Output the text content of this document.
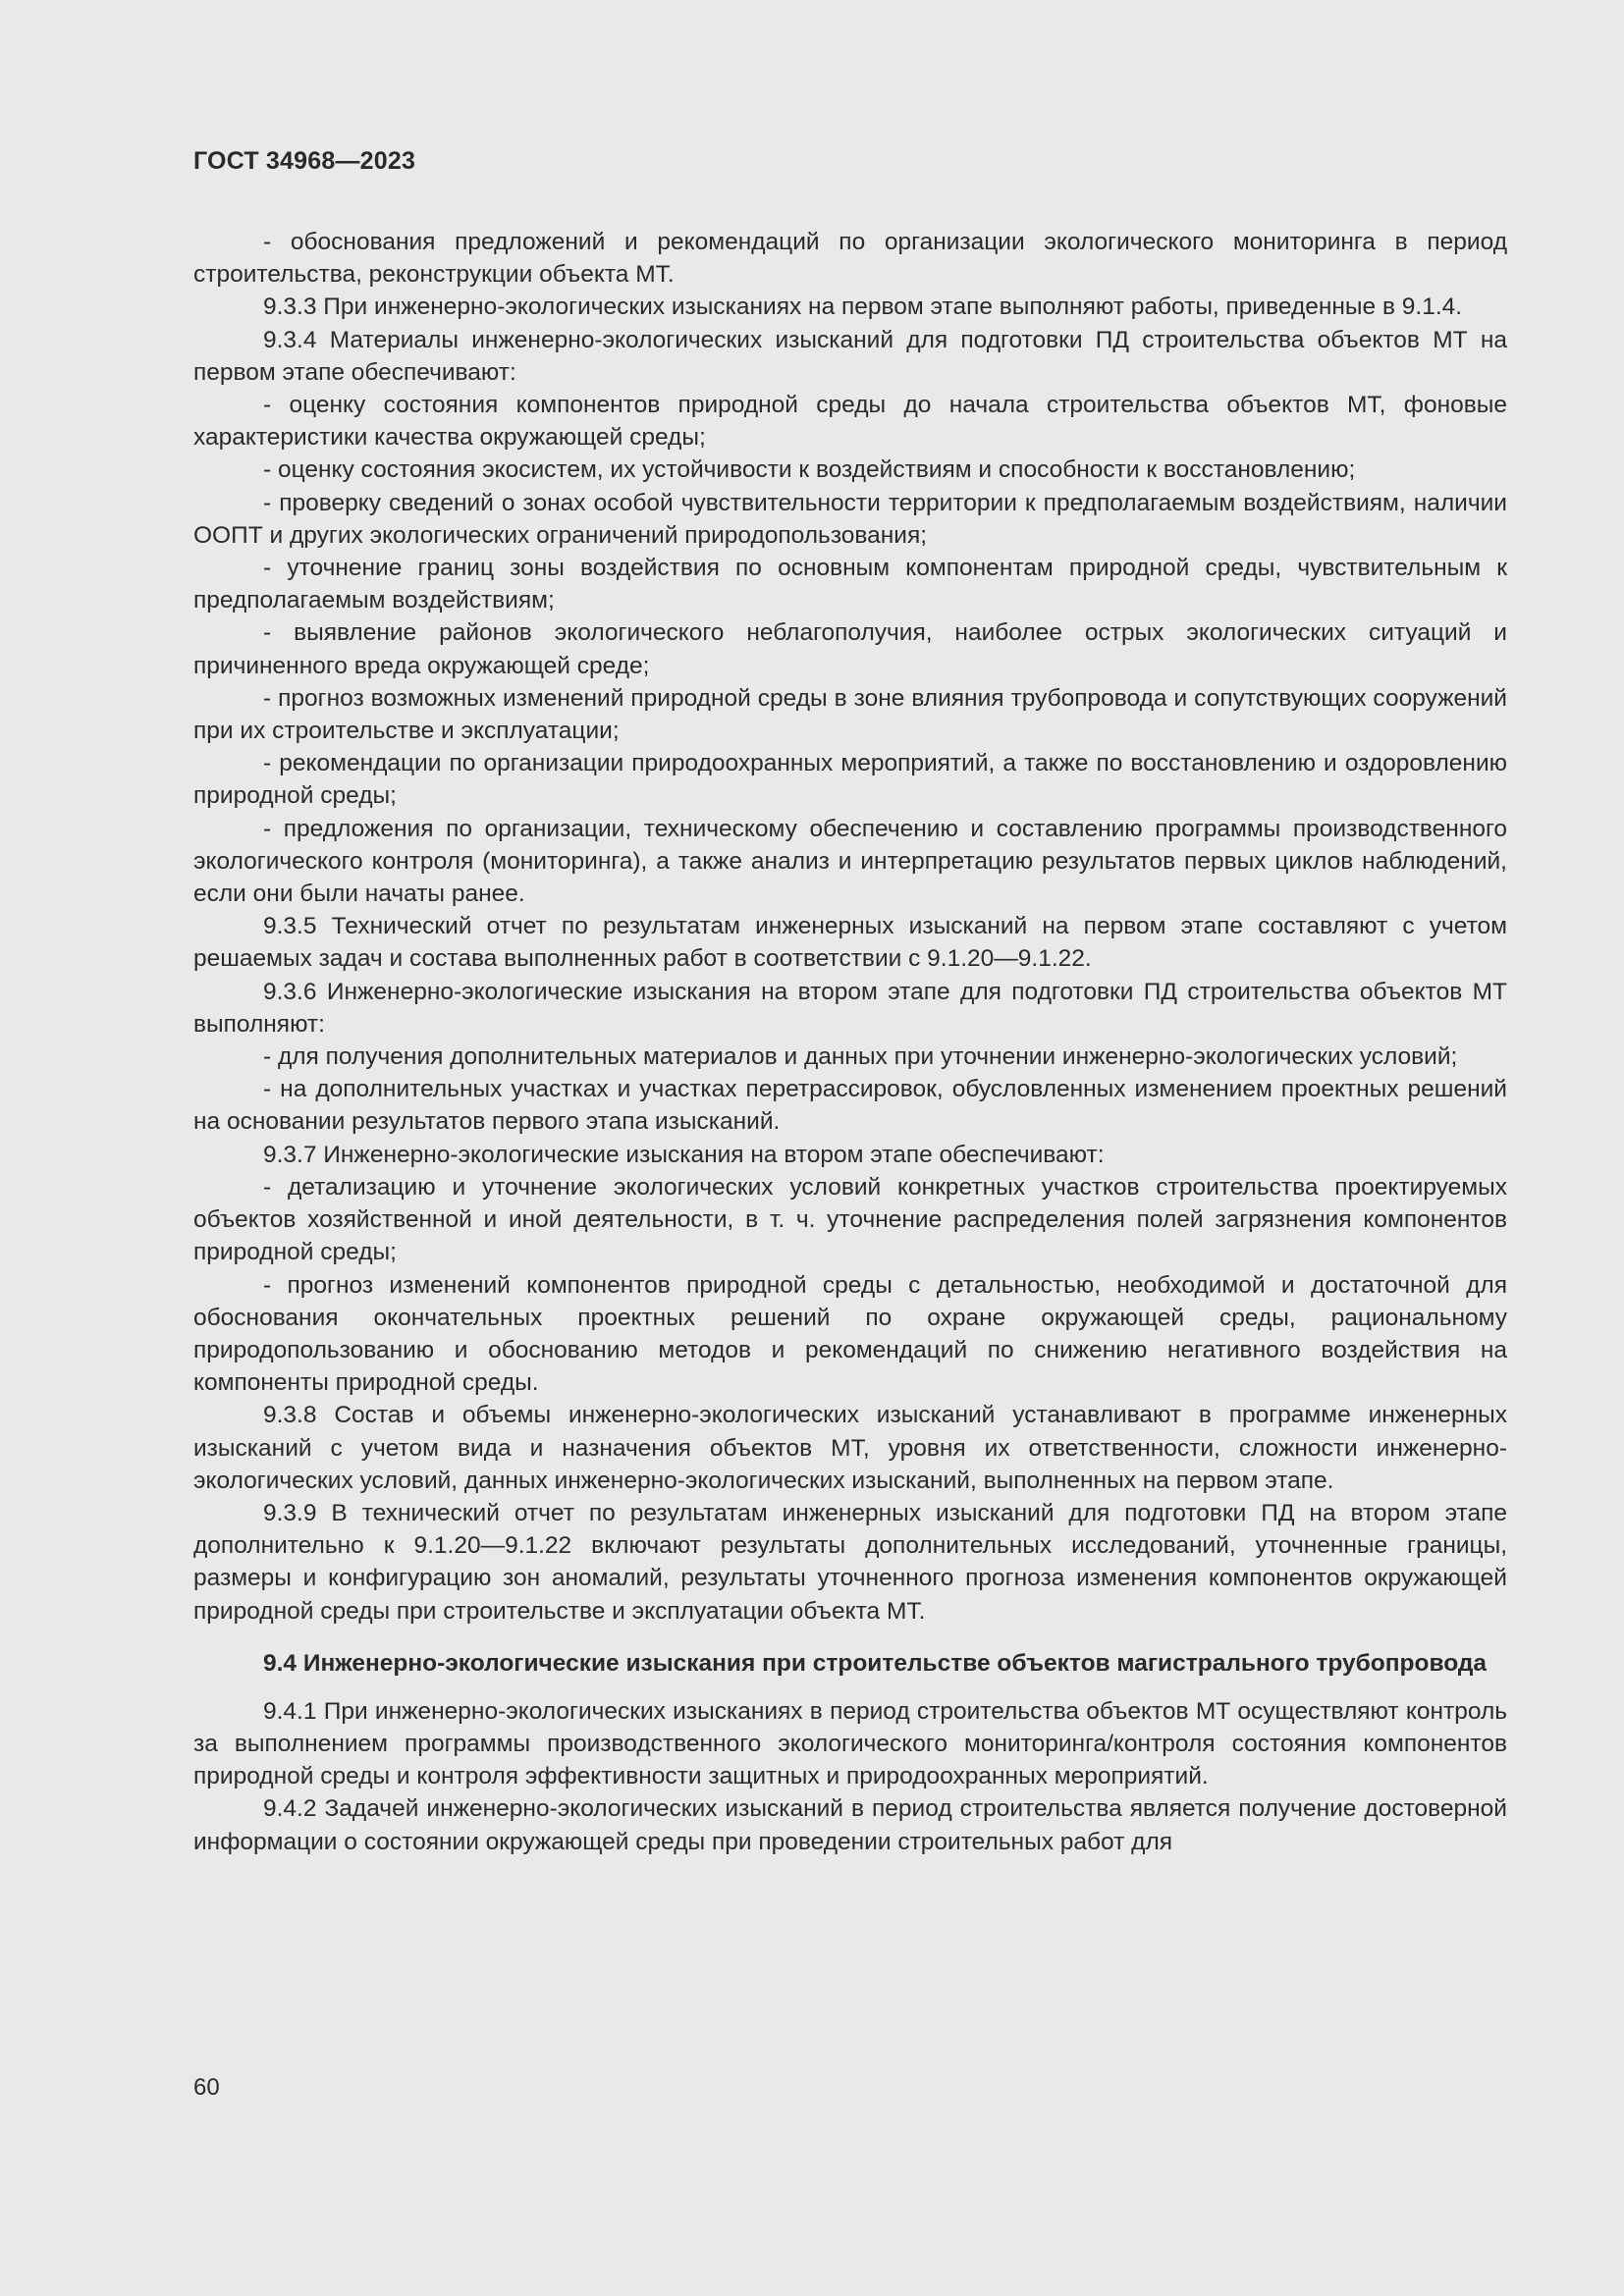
ГОСТ 34968—2023

- обоснования предложений и рекомендаций по организации экологического мониторинга в период строительства, реконструкции объекта МТ.

9.3.3 При инженерно-экологических изысканиях на первом этапе выполняют работы, приведенные в 9.1.4.

9.3.4 Материалы инженерно-экологических изысканий для подготовки ПД строительства объектов МТ на первом этапе обеспечивают:

- оценку состояния компонентов природной среды до начала строительства объектов МТ, фоновые характеристики качества окружающей среды;

- оценку состояния экосистем, их устойчивости к воздействиям и способности к восстановлению;

- проверку сведений о зонах особой чувствительности территории к предполагаемым воздействиям, наличии ООПТ и других экологических ограничений природопользования;

- уточнение границ зоны воздействия по основным компонентам природной среды, чувствительным к предполагаемым воздействиям;

- выявление районов экологического неблагополучия, наиболее острых экологических ситуаций и причиненного вреда окружающей среде;

- прогноз возможных изменений природной среды в зоне влияния трубопровода и сопутствующих сооружений при их строительстве и эксплуатации;

- рекомендации по организации природоохранных мероприятий, а также по восстановлению и оздоровлению природной среды;

- предложения по организации, техническому обеспечению и составлению программы производственного экологического контроля (мониторинга), а также анализ и интерпретацию результатов первых циклов наблюдений, если они были начаты ранее.

9.3.5 Технический отчет по результатам инженерных изысканий на первом этапе составляют с учетом решаемых задач и состава выполненных работ в соответствии с 9.1.20—9.1.22.

9.3.6 Инженерно-экологические изыскания на втором этапе для подготовки ПД строительства объектов МТ выполняют:

- для получения дополнительных материалов и данных при уточнении инженерно-экологических условий;

- на дополнительных участках и участках перетрассировок, обусловленных изменением проектных решений на основании результатов первого этапа изысканий.

9.3.7 Инженерно-экологические изыскания на втором этапе обеспечивают:

- детализацию и уточнение экологических условий конкретных участков строительства проектируемых объектов хозяйственной и иной деятельности, в т. ч. уточнение распределения полей загрязнения компонентов природной среды;

- прогноз изменений компонентов природной среды с детальностью, необходимой и достаточной для обоснования окончательных проектных решений по охране окружающей среды, рациональному природопользованию и обоснованию методов и рекомендаций по снижению негативного воздействия на компоненты природной среды.

9.3.8 Состав и объемы инженерно-экологических изысканий устанавливают в программе инженерных изысканий с учетом вида и назначения объектов МТ, уровня их ответственности, сложности инженерно-экологических условий, данных инженерно-экологических изысканий, выполненных на первом этапе.

9.3.9 В технический отчет по результатам инженерных изысканий для подготовки ПД на втором этапе дополнительно к 9.1.20—9.1.22 включают результаты дополнительных исследований, уточненные границы, размеры и конфигурацию зон аномалий, результаты уточненного прогноза изменения компонентов окружающей природной среды при строительстве и эксплуатации объекта МТ.

9.4 Инженерно-экологические изыскания при строительстве объектов магистрального трубопровода

9.4.1 При инженерно-экологических изысканиях в период строительства объектов МТ осуществляют контроль за выполнением программы производственного экологического мониторинга/контроля состояния компонентов природной среды и контроля эффективности защитных и природоохранных мероприятий.

9.4.2 Задачей инженерно-экологических изысканий в период строительства является получение достоверной информации о состоянии окружающей среды при проведении строительных работ для

60
